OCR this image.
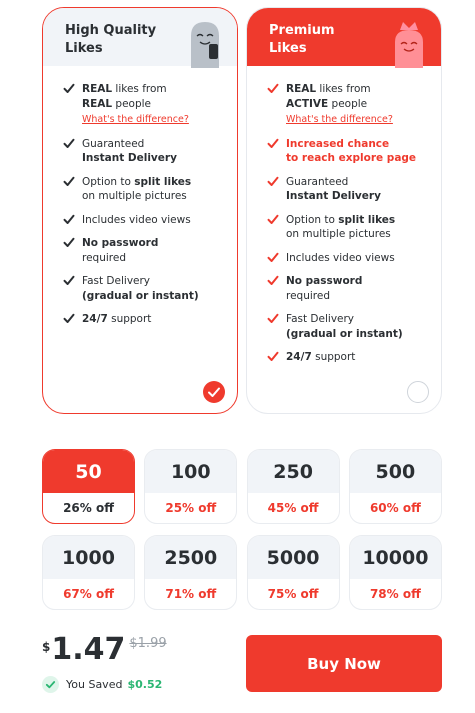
High Quality Likes
REAL likes from
REAL people
What's the difference?
Guaranteed
Instant Delivery
Option to split likes
on multiple pictures
Includes video views
No password
required
Fast Delivery
(gradual or instant)
24/7 support
Premium Likes
REAL likes from
ACTIVE people
What's the difference?
Increased chance
to reach explore page
Guaranteed
Instant Delivery
Option to split likes
on multiple pictures
Includes video views
No password
required
Fast Delivery
(gradual or instant)
24/7 support
50
26% off
100
25% off
250
45% off
500
60% off
1000
67% off
2500
71% off
5000
75% off
10000
78% off
$ 1.47 $1.99
You Saved $0.52
Buy Now
